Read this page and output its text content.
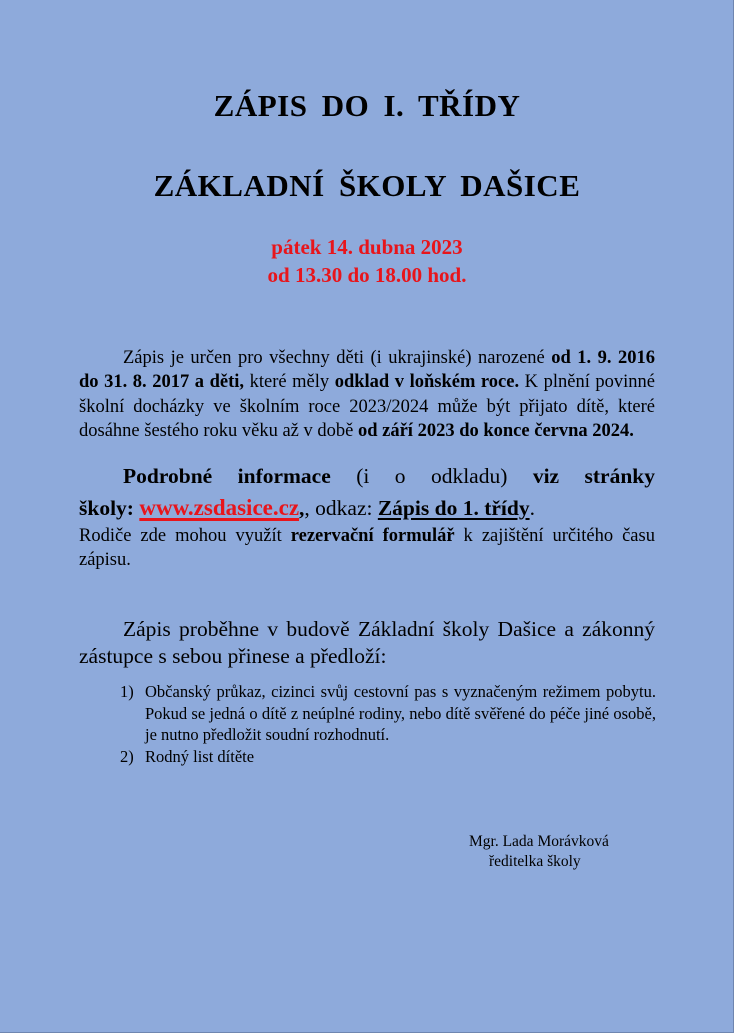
ZÁPIS DO I. TŘÍDY
ZÁKLADNÍ ŠKOLY DAŠICE
pátek 14. dubna 2023
od 13.30 do 18.00 hod.

Zápis je určen pro všechny děti (i ukrajinské) narozené od 1. 9. 2016 do 31. 8. 2017 a děti, které měly odklad v loňském roce. K plnění povinné školní docházky ve školním roce 2023/2024 může být přijato dítě, které dosáhne šestého roku věku až v době od září 2023 do konce června 2024.

Podrobné informace (i o odkladu) viz stránky
školy: www.zsdasice.cz,, odkaz: Zápis do 1. třídy.
Rodiče zde mohou využít rezervační formulář k zajištění určitého času zápisu.

Zápis proběhne v budově Základní školy Dašice a zákonný zástupce s sebou přinese a předloží:

1) Občanský průkaz, cizinci svůj cestovní pas s vyznačeným režimem pobytu. Pokud se jedná o dítě z neúplné rodiny, nebo dítě svěřené do péče jiné osobě, je nutno předložit soudní rozhodnutí.
2) Rodný list dítěte
Mgr. Lada Morávková
ředitelka školy
